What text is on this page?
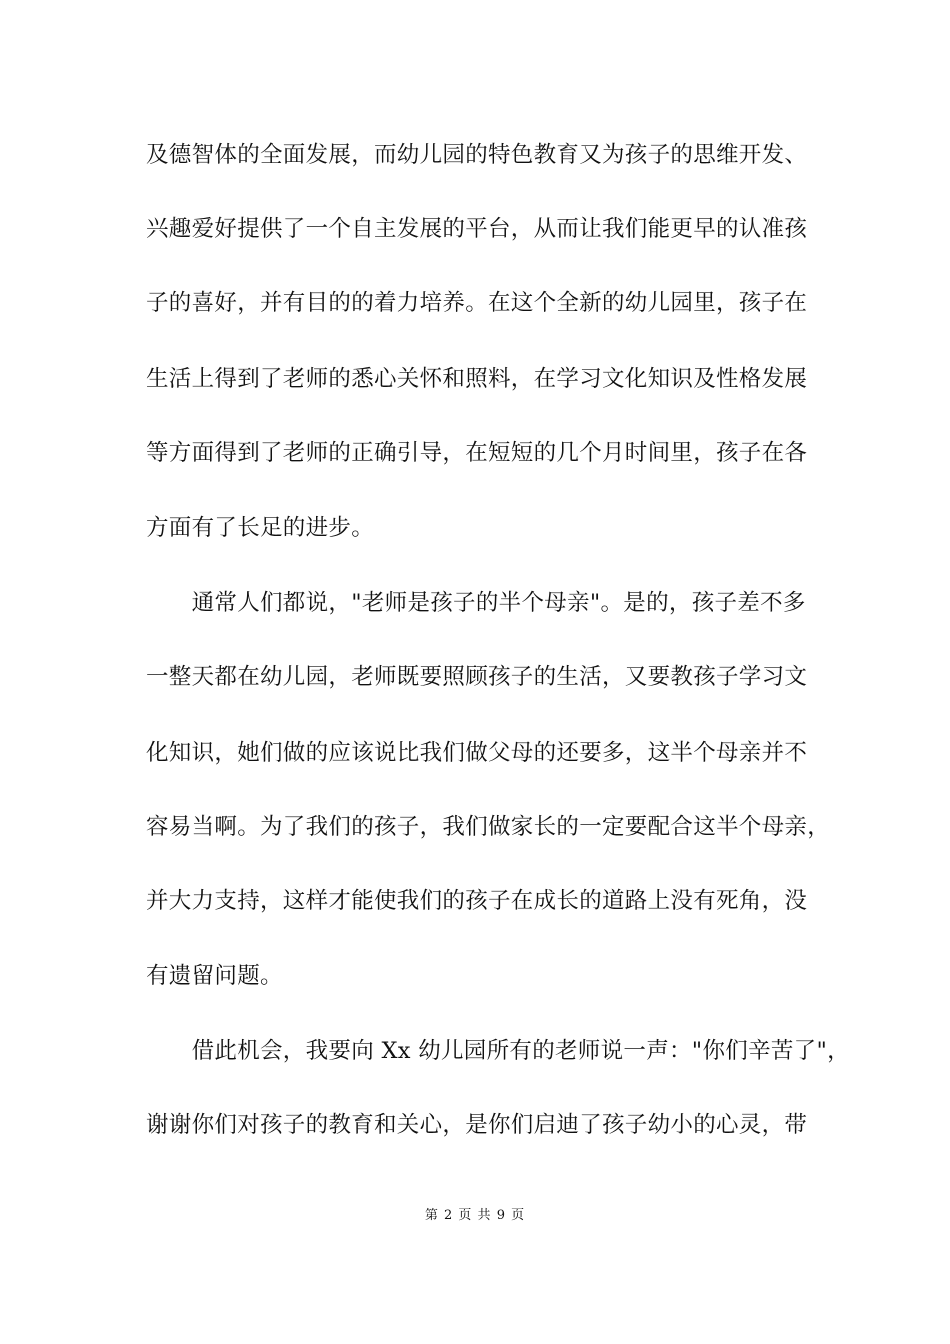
及德智体的全面发展，而幼儿园的特色教育又为孩子的思维开发、
兴趣爱好提供了一个自主发展的平台，从而让我们能更早的认准孩
子的喜好，并有目的的着力培养。在这个全新的幼儿园里，孩子在
生活上得到了老师的悉心关怀和照料，在学习文化知识及性格发展
等方面得到了老师的正确引导，在短短的几个月时间里，孩子在各
方面有了长足的进步。
　　通常人们都说，"老师是孩子的半个母亲"。是的，孩子差不多
一整天都在幼儿园，老师既要照顾孩子的生活，又要教孩子学习文
化知识，她们做的应该说比我们做父母的还要多，这半个母亲并不
容易当啊。为了我们的孩子，我们做家长的一定要配合这半个母亲，
并大力支持，这样才能使我们的孩子在成长的道路上没有死角，没
有遗留问题。
　　借此机会，我要向 Xx 幼儿园所有的老师说一声："你们辛苦了"，
谢谢你们对孩子的教育和关心，是你们启迪了孩子幼小的心灵，带
第 2 页 共 9 页
